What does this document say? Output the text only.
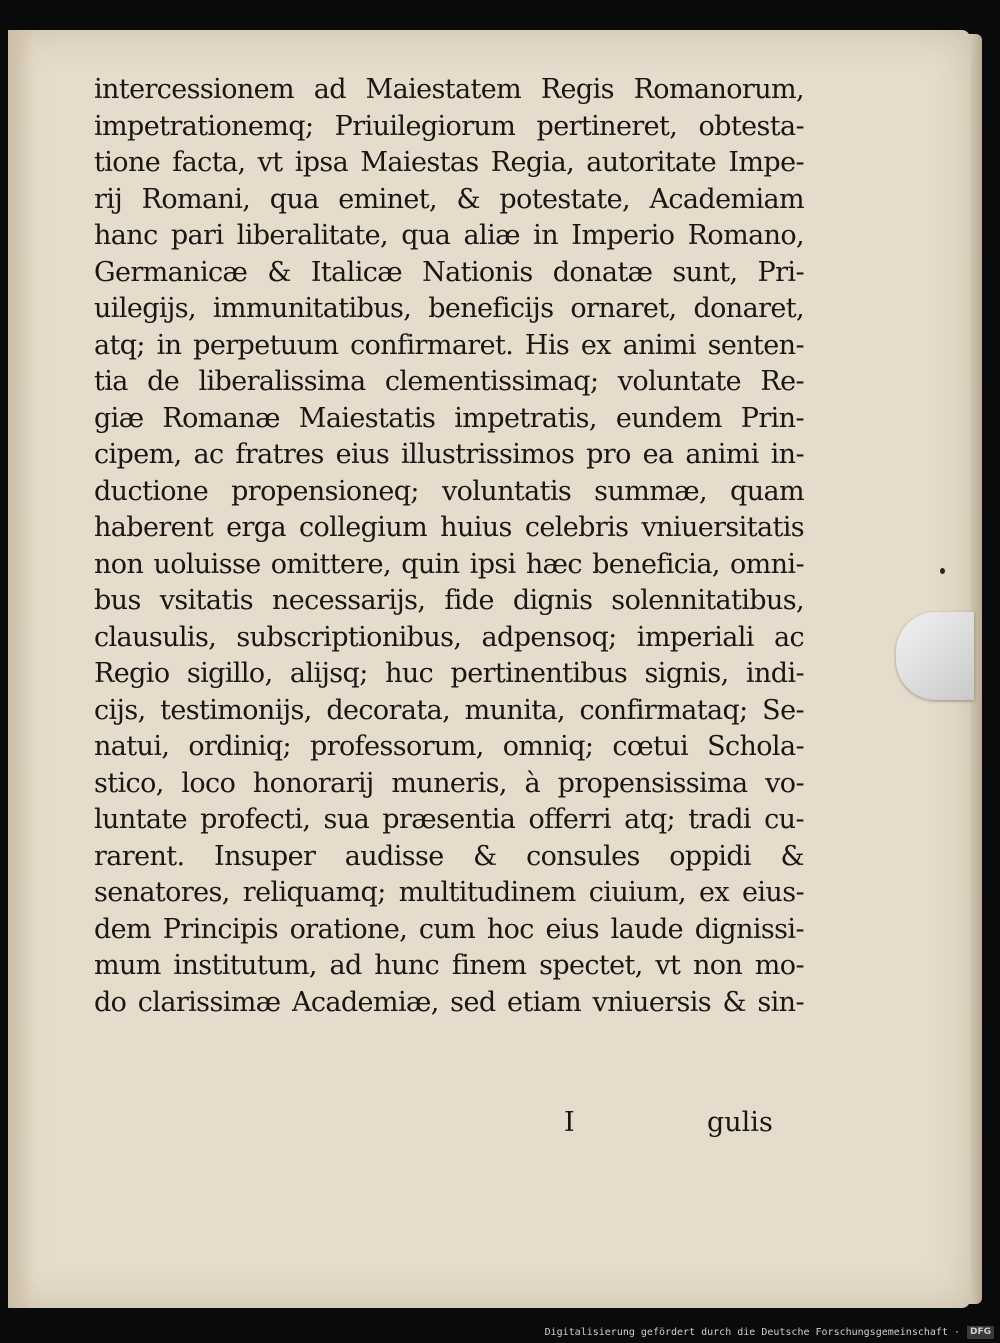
intercessionem ad Maiestatem Regis Romanorum,
impetrationemq; Priuilegiorum pertineret, obtesta-
tione facta, vt ipsa Maiestas Regia, autoritate Impe-
rij Romani, qua eminet, & potestate, Academiam
hanc pari liberalitate, qua aliæ in Imperio Romano,
Germanicæ & Italicæ Nationis donatæ sunt, Pri-
uilegijs, immunitatibus, beneficijs ornaret, donaret,
atq; in perpetuum confirmaret. His ex animi senten-
tia de liberalissima clementissimaq; voluntate Re-
giæ Romanæ Maiestatis impetratis, eundem Prin-
cipem, ac fratres eius illustrissimos pro ea animi in-
ductione propensioneq; voluntatis summæ, quam
haberent erga collegium huius celebris vniuersitatis
non uoluisse omittere, quin ipsi hæc beneficia, omni-
bus vsitatis necessarijs, fide dignis solennitatibus,
clausulis, subscriptionibus, adpensoq; imperiali ac
Regio sigillo, alijsq; huc pertinentibus signis, indi-
cijs, testimonijs, decorata, munita, confirmataq; Se-
natui, ordiniq; professorum, omniq; cœtui Schola-
stico, loco honorarij muneris, à propensissima vo-
luntate profecti, sua præsentia offerri atq; tradi cu-
rarent. Insuper audisse & consules oppidi &
senatores, reliquamq; multitudinem ciuium, ex eius-
dem Principis oratione, cum hoc eius laude dignissi-
mum institutum, ad hunc finem spectet, vt non mo-
do clarissimæ Academiæ, sed etiam vniuersis & sin-
I	gulis
Digitalisierung gefördert durch die Deutsche Forschungsgemeinschaft ·	DFG
